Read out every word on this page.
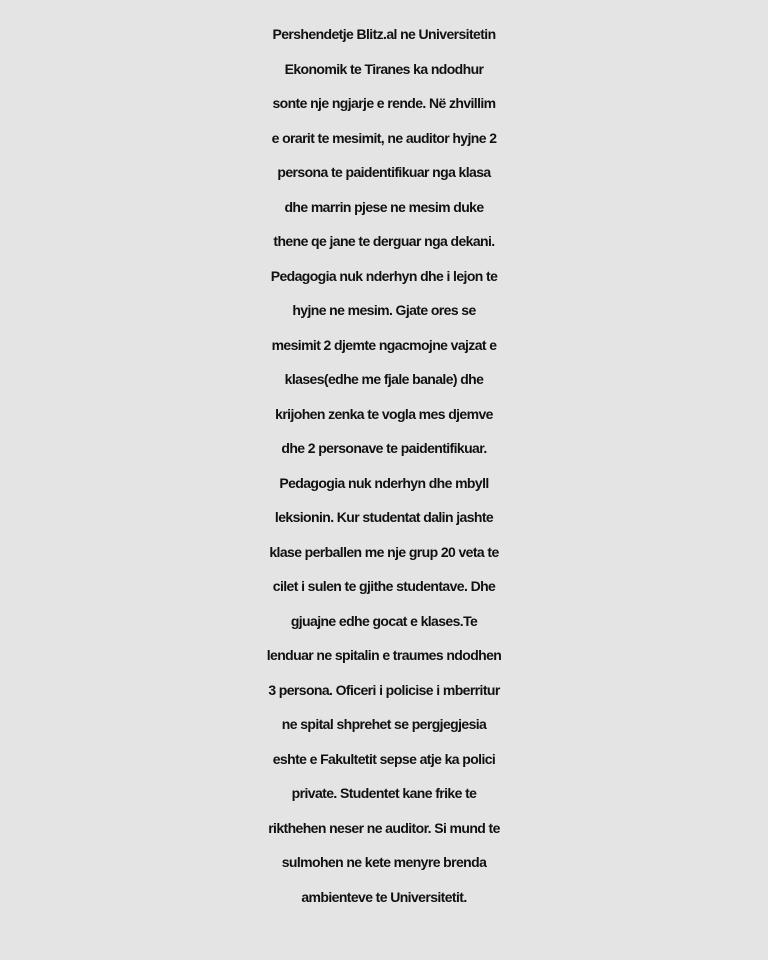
Pershendetje Blitz.al ne Universitetin
Ekonomik te Tiranes ka ndodhur
sonte nje ngjarje e rende. Në zhvillim
e orarit te mesimit, ne auditor hyjne 2
persona te paidentifikuar nga klasa
dhe marrin pjese ne mesim duke
thene qe jane te derguar nga dekani.
Pedagogia nuk nderhyn dhe i lejon te
hyjne ne mesim. Gjate ores se
mesimit 2 djemte ngacmojne vajzat e
klases(edhe me fjale banale) dhe
krijohen zenka te vogla mes djemve
dhe 2 personave te paidentifikuar.
Pedagogia nuk nderhyn dhe mbyll
leksionin. Kur studentat dalin jashte
klase perballen me nje grup 20 veta te
cilet i sulen te gjithe studentave. Dhe
gjuajne edhe gocat e klases.Te
lenduar ne spitalin e traumes ndodhen
3 persona. Oficeri i policise i mberritur
ne spital shprehet se pergjegjesia
eshte e Fakultetit sepse atje ka polici
private. Studentet kane frike te
rikthehen neser ne auditor. Si mund te
sulmohen ne kete menyre brenda
ambienteve te Universitetit.
